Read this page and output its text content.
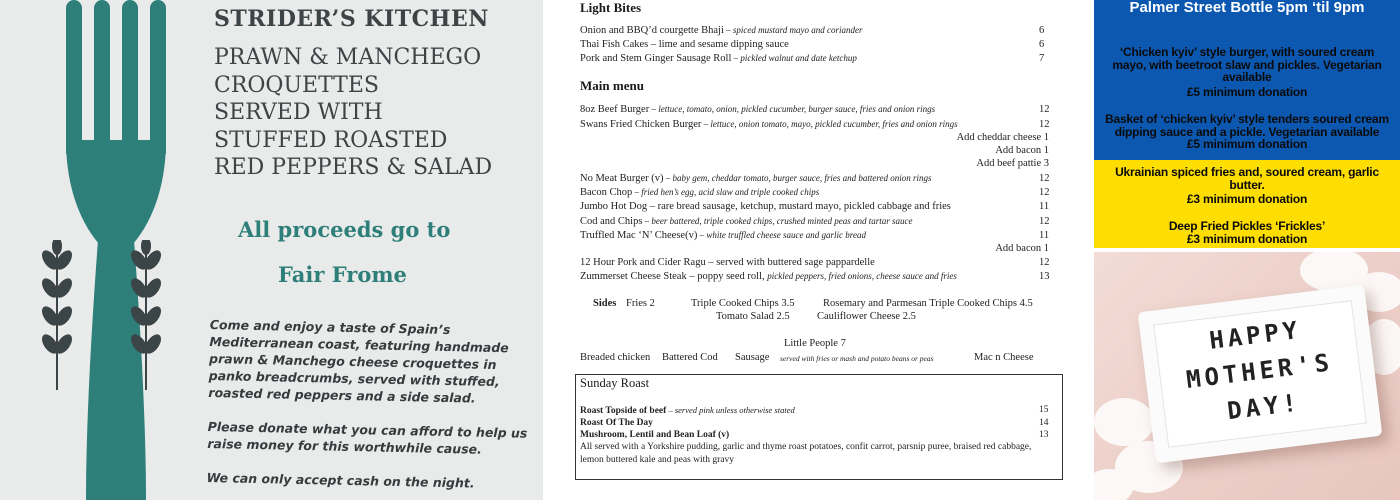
STRIDER’S KITCHEN
PRAWN & MANCHEGO
CROQUETTES
SERVED WITH
STUFFED ROASTED
RED PEPPERS & SALAD
All proceeds go to
Fair Frome

Come and enjoy a taste of Spain’s Mediterranean coast, featuring handmade prawn & Manchego cheese croquettes in panko breadcrumbs, served with stuffed, roasted red peppers and a side salad.

Please donate what you can afford to help us raise money for this worthwhile cause.

We can only accept cash on the night.

Light Bites
Onion and BBQ’d courgette Bhaji – spiced mustard mayo and coriander	6
Thai Fish Cakes – lime and sesame dipping sauce	6
Pork and Stem Ginger Sausage Roll – pickled walnut and date ketchup	7
Main menu
8oz Beef Burger – lettuce, tomato, onion, pickled cucumber, burger sauce, fries and onion rings	12
Swans Fried Chicken Burger – lettuce, onion tomato, mayo, pickled cucumber, fries and onion rings	12
Add cheddar cheese 1
Add bacon 1
Add beef pattie 3
No Meat Burger (v) – baby gem, cheddar tomato, burger sauce, fries and battered onion rings	12
Bacon Chop – fried hen’s egg, acid slaw and triple cooked chips	12
Jumbo Hot Dog – rare bread sausage, ketchup, mustard mayo, pickled cabbage and fries	11
Cod and Chips – beer battered, triple cooked chips, crushed minted peas and tartar sauce	12
Truffled Mac ‘N’ Cheese(v) – white truffled cheese sauce and garlic bread	11
Add bacon 1
12 Hour Pork and Cider Ragu – served with buttered sage pappardelle	12
Zummerset Cheese Steak – poppy seed roll, pickled peppers, fried onions, cheese sauce and fries	13
Sides Fries 2	Triple Cooked Chips 3.5	Rosemary and Parmesan Triple Cooked Chips 4.5
Tomato Salad 2.5	Cauliflower Cheese 2.5
Little People 7
Breaded chicken Battered Cod Sausage served with fries or mash and potato beans or peas	Mac n Cheese
Sunday Roast
Roast Topside of beef – served pink unless otherwise stated	15
Roast Of The Day	14
Mushroom, Lentil and Bean Loaf (v)	13
All served with a Yorkshire pudding, garlic and thyme roast potatoes, confit carrot, parsnip puree, braised red cabbage, lemon buttered kale and peas with gravy
Palmer Street Bottle 5pm ‘til 9pm
‘Chicken kyiv’ style burger, with soured cream mayo, with beetroot slaw and pickles. Vegetarian available
£5 minimum donation
Basket of ‘chicken kyiv’ style tenders soured cream dipping sauce and a pickle. Vegetarian available
£5 minimum donation
Ukrainian spiced fries and, soured cream, garlic butter.
£3 minimum donation
Deep Fried Pickles ‘Frickles’
£3 minimum donation
HAPPY
MOTHER'S
DAY!
